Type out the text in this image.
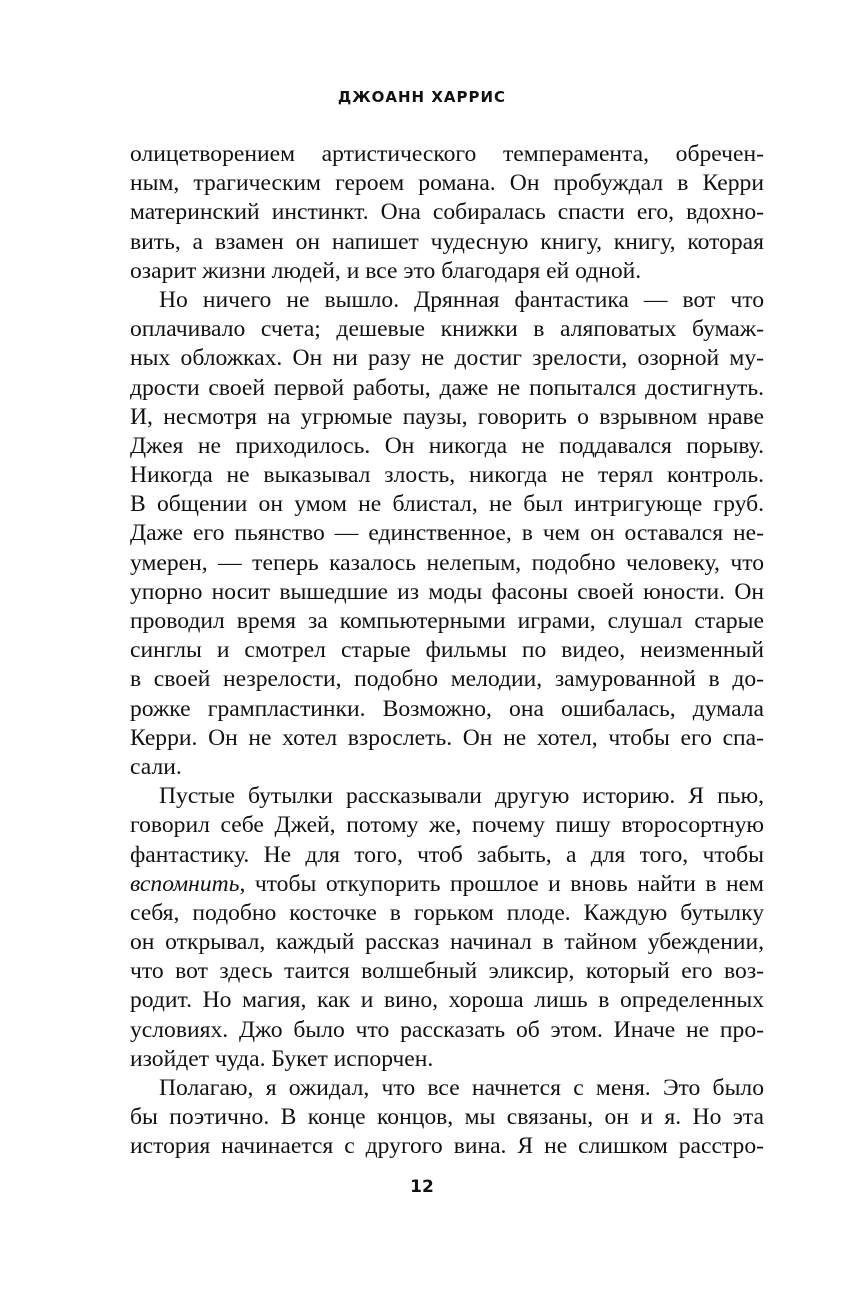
ДЖОАНН ХАРРИС
олицетворением артистического темперамента, обречен-
ным, трагическим героем романа. Он пробуждал в Керри
материнский инстинкт. Она собиралась спасти его, вдохно-
вить, а взамен он напишет чудесную книгу, книгу, которая
озарит жизни людей, и все это благодаря ей одной.
Но ничего не вышло. Дрянная фантастика — вот что
оплачивало счета; дешевые книжки в аляповатых бумаж-
ных обложках. Он ни разу не достиг зрелости, озорной му-
дрости своей первой работы, даже не попытался достигнуть.
И, несмотря на угрюмые паузы, говорить о взрывном нраве
Джея не приходилось. Он никогда не поддавался порыву.
Никогда не выказывал злость, никогда не терял контроль.
В общении он умом не блистал, не был интригующе груб.
Даже его пьянство — единственное, в чем он оставался не-
умерен, — теперь казалось нелепым, подобно человеку, что
упорно носит вышедшие из моды фасоны своей юности. Он
проводил время за компьютерными играми, слушал старые
синглы и смотрел старые фильмы по видео, неизменный
в своей незрелости, подобно мелодии, замурованной в до-
рожке грампластинки. Возможно, она ошибалась, думала
Керри. Он не хотел взрослеть. Он не хотел, чтобы его спа-
сали.
Пустые бутылки рассказывали другую историю. Я пью,
говорил себе Джей, потому же, почему пишу второсортную
фантастику. Не для того, чтоб забыть, а для того, чтобы
вспомнить, чтобы откупорить прошлое и вновь найти в нем
себя, подобно косточке в горьком плоде. Каждую бутылку
он открывал, каждый рассказ начинал в тайном убеждении,
что вот здесь таится волшебный эликсир, который его воз-
родит. Но магия, как и вино, хороша лишь в определенных
условиях. Джо было что рассказать об этом. Иначе не про-
изойдет чуда. Букет испорчен.
Полагаю, я ожидал, что все начнется с меня. Это было
бы поэтично. В конце концов, мы связаны, он и я. Но эта
история начинается с другого вина. Я не слишком расстро-
12
